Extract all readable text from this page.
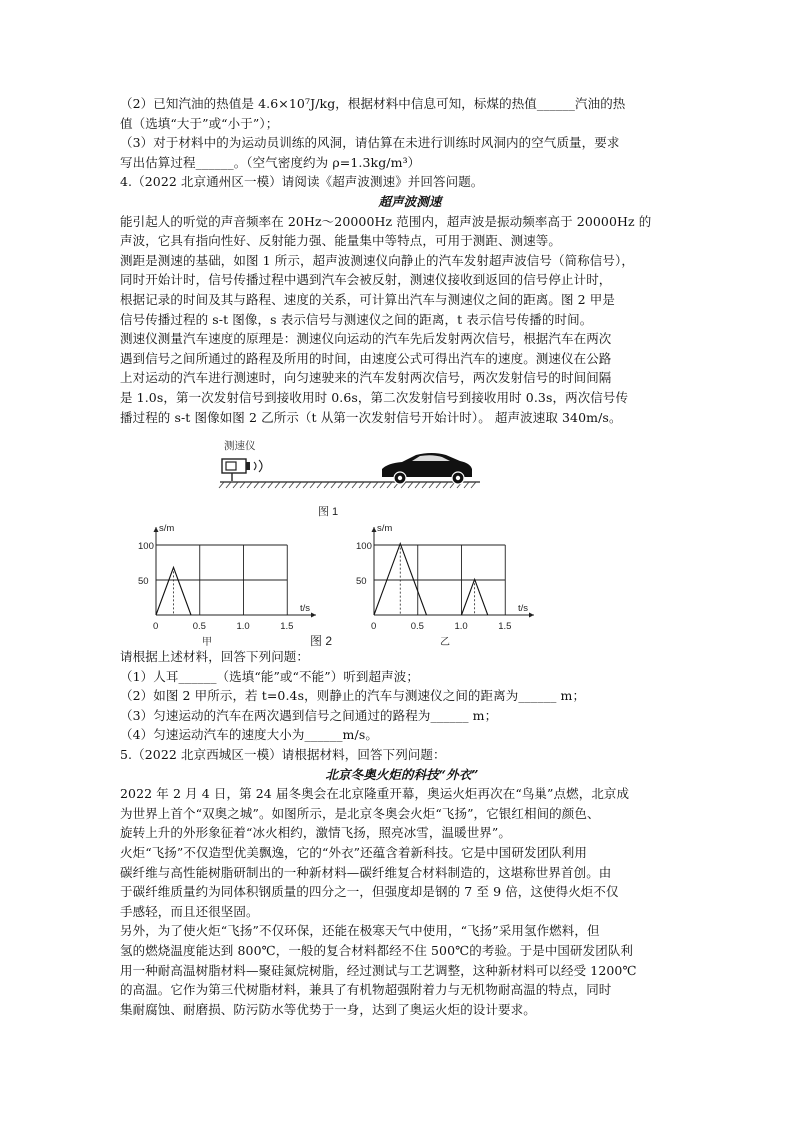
（2）已知汽油的热值是 4.6×10⁷J/kg，根据材料中信息可知，标煤的热值______汽油的热
值（选填“大于”或“小于”）；
（3）对于材料中的为运动员训练的风洞，请估算在未进行训练时风洞内的空气质量，要求
写出估算过程______。（空气密度约为 ρ=1.3kg/m³）
4.（2022 北京通州区一模）请阅读《超声波测速》并回答问题。
超声波测速
能引起人的听觉的声音频率在 20Hz～20000Hz 范围内，超声波是振动频率高于 20000Hz 的
声波，它具有指向性好、反射能力强、能量集中等特点，可用于测距、测速等。
测距是测速的基础，如图 1 所示，超声波测速仪向静止的汽车发射超声波信号（简称信号），
同时开始计时，信号传播过程中遇到汽车会被反射，测速仪接收到返回的信号停止计时，
根据记录的时间及其与路程、速度的关系，可计算出汽车与测速仪之间的距离。图 2 甲是
信号传播过程的 s-t 图像，s 表示信号与测速仪之间的距离，t 表示信号传播的时间。
测速仪测量汽车速度的原理是：测速仪向运动的汽车先后发射两次信号，根据汽车在两次
遇到信号之间所通过的路程及所用的时间，由速度公式可得出汽车的速度。测速仪在公路
上对运动的汽车进行测速时，向匀速驶来的汽车发射两次信号，两次发射信号的时间间隔
是 1.0s，第一次发射信号到接收用时 0.6s，第二次发射信号到接收用时 0.3s，两次信号传
播过程的 s-t 图像如图 2 乙所示（t 从第一次发射信号开始计时）。 超声波速取 340m/s。
测速仪
图 1
100
50
0	0.5	1.0	1.5
s/m
t/s
甲
100
50
0	0.5	1.0	1.5
s/m
t/s
乙
图 2
请根据上述材料，回答下列问题：
（1）人耳______（选填“能”或“不能”）听到超声波；
（2）如图 2 甲所示，若 t=0.4s，则静止的汽车与测速仪之间的距离为______ m；
（3）匀速运动的汽车在两次遇到信号之间通过的路程为______ m；
（4）匀速运动汽车的速度大小为______m/s。
5.（2022 北京西城区一模）请根据材料，回答下列问题：
北京冬奥火炬的科技“外衣”
2022 年 2 月 4 日，第 24 届冬奥会在北京隆重开幕，奥运火炬再次在“鸟巢”点燃，北京成
为世界上首个“双奥之城”。如图所示，是北京冬奥会火炬“飞扬”，它银红相间的颜色、
旋转上升的外形象征着“冰火相约，激情飞扬，照亮冰雪，温暖世界”。
火炬“飞扬”不仅造型优美飘逸，它的“外衣”还蕴含着新科技。它是中国研发团队利用
碳纤维与高性能树脂研制出的一种新材料—碳纤维复合材料制造的，这堪称世界首创。由
于碳纤维质量约为同体积钢质量的四分之一，但强度却是钢的 7 至 9 倍，这使得火炬不仅
手感轻，而且还很坚固。
另外，为了使火炬“飞扬”不仅环保，还能在极寒天气中使用，“飞扬”采用氢作燃料，但
氢的燃烧温度能达到 800℃，一般的复合材料都经不住 500℃的考验。于是中国研发团队利
用一种耐高温树脂材料—聚硅氮烷树脂，经过测试与工艺调整，这种新材料可以经受 1200℃
的高温。它作为第三代树脂材料，兼具了有机物超强附着力与无机物耐高温的特点，同时
集耐腐蚀、耐磨损、防污防水等优势于一身，达到了奥运火炬的设计要求。
